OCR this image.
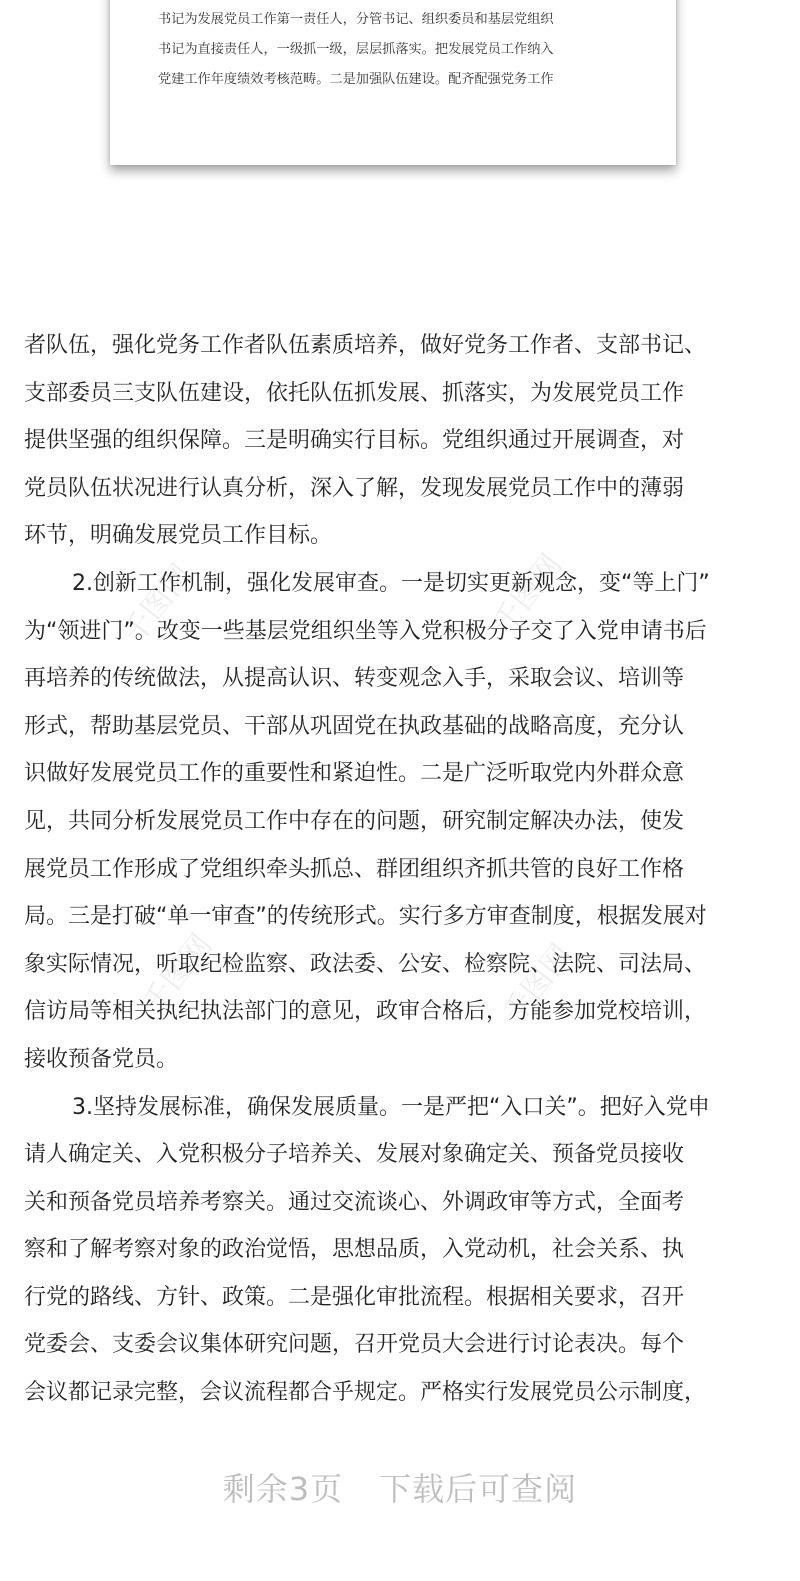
书记为发展党员工作第一责任人，分管书记、组织委员和基层党组织
书记为直接责任人，一级抓一级，层层抓落实。把发展党员工作纳入
党建工作年度绩效考核范畴。二是加强队伍建设。配齐配强党务工作
千图网	千图网
千图网	千图网
者队伍，强化党务工作者队伍素质培养，做好党务工作者、支部书记、
支部委员三支队伍建设，依托队伍抓发展、抓落实，为发展党员工作
提供坚强的组织保障。三是明确实行目标。党组织通过开展调查，对
党员队伍状况进行认真分析，深入了解，发现发展党员工作中的薄弱
环节，明确发展党员工作目标。
2.创新工作机制，强化发展审查。一是切实更新观念，变“等上门”
为“领进门”。改变一些基层党组织坐等入党积极分子交了入党申请书后
再培养的传统做法，从提高认识、转变观念入手，采取会议、培训等
形式，帮助基层党员、干部从巩固党在执政基础的战略高度，充分认
识做好发展党员工作的重要性和紧迫性。二是广泛听取党内外群众意
见，共同分析发展党员工作中存在的问题，研究制定解决办法，使发
展党员工作形成了党组织牵头抓总、群团组织齐抓共管的良好工作格
局。三是打破“单一审查”的传统形式。实行多方审查制度，根据发展对
象实际情况，听取纪检监察、政法委、公安、检察院、法院、司法局、
信访局等相关执纪执法部门的意见，政审合格后，方能参加党校培训，
接收预备党员。
3.坚持发展标准，确保发展质量。一是严把“入口关”。把好入党申
请人确定关、入党积极分子培养关、发展对象确定关、预备党员接收
关和预备党员培养考察关。通过交流谈心、外调政审等方式，全面考
察和了解考察对象的政治觉悟，思想品质，入党动机，社会关系、执
行党的路线、方针、政策。二是强化审批流程。根据相关要求，召开
党委会、支委会议集体研究问题，召开党员大会进行讨论表决。每个
会议都记录完整，会议流程都合乎规定。严格实行发展党员公示制度，
剩余3页 下载后可查阅
